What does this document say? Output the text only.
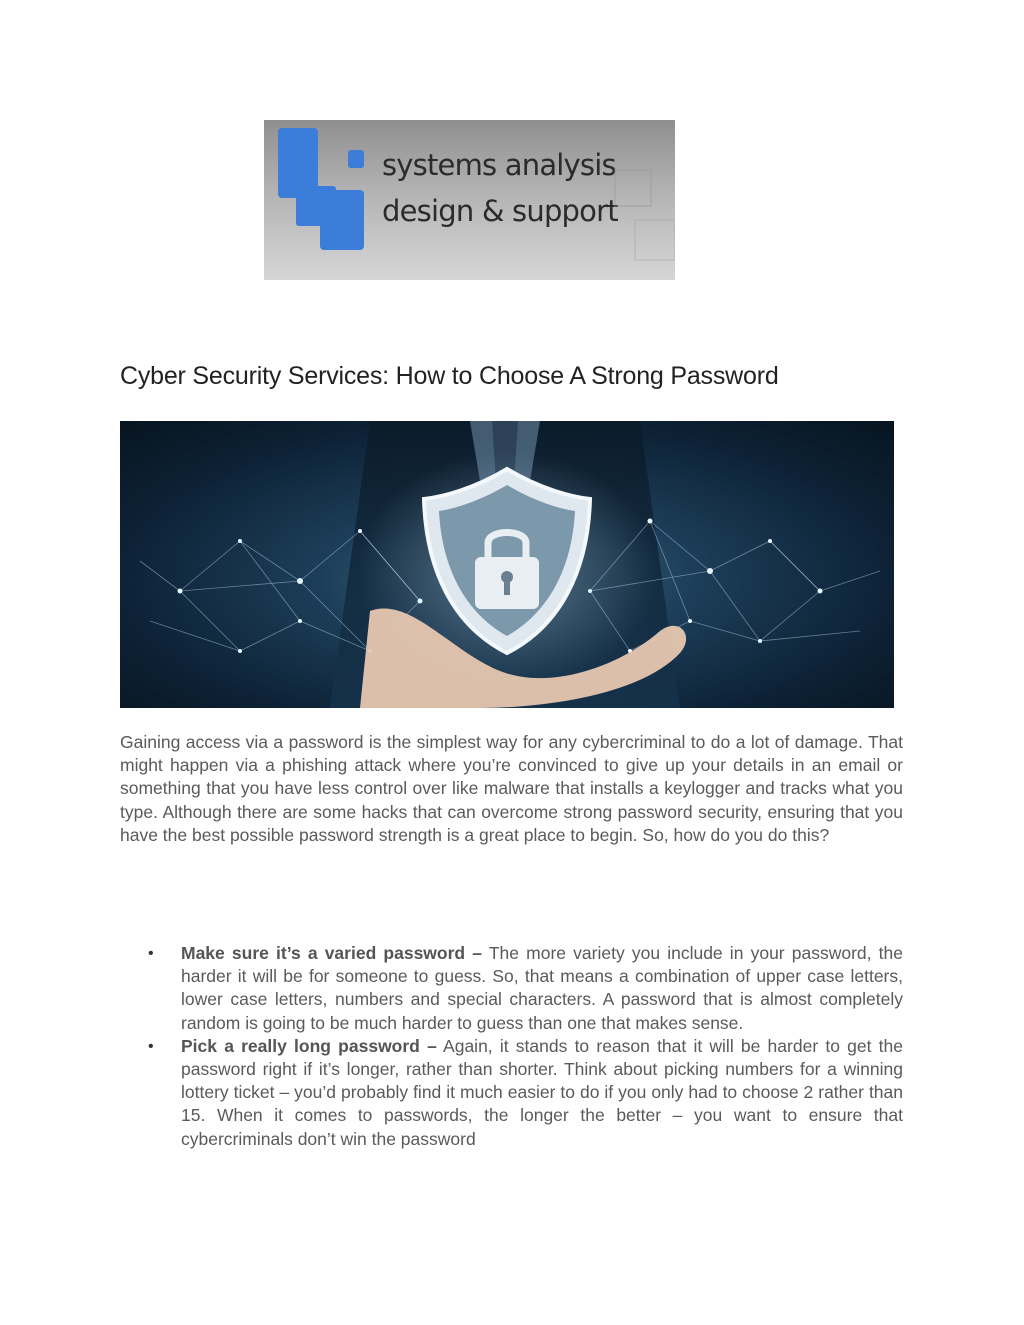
systems analysis
design & support
Cyber Security Services: How to Choose A Strong Password

Gaining access via a password is the simplest way for any cybercriminal to do a lot of damage. That might happen via a phishing attack where you’re convinced to give up your details in an email or something that you have less control over like malware that installs a keylogger and tracks what you type. Although there are some hacks that can overcome strong password security, ensuring that you have the best possible password strength is a great place to begin. So, how do you do this?

• Make sure it’s a varied password – The more variety you include in your password, the harder it will be for someone to guess. So, that means a combination of upper case letters, lower case letters, numbers and special characters. A password that is almost completely random is going to be much harder to guess than one that makes sense.
• Pick a really long password – Again, it stands to reason that it will be harder to get the password right if it’s longer, rather than shorter. Think about picking numbers for a winning lottery ticket – you’d probably find it much easier to do if you only had to choose 2 rather than 15. When it comes to passwords, the longer the better – you want to ensure that cybercriminals don’t win the password
